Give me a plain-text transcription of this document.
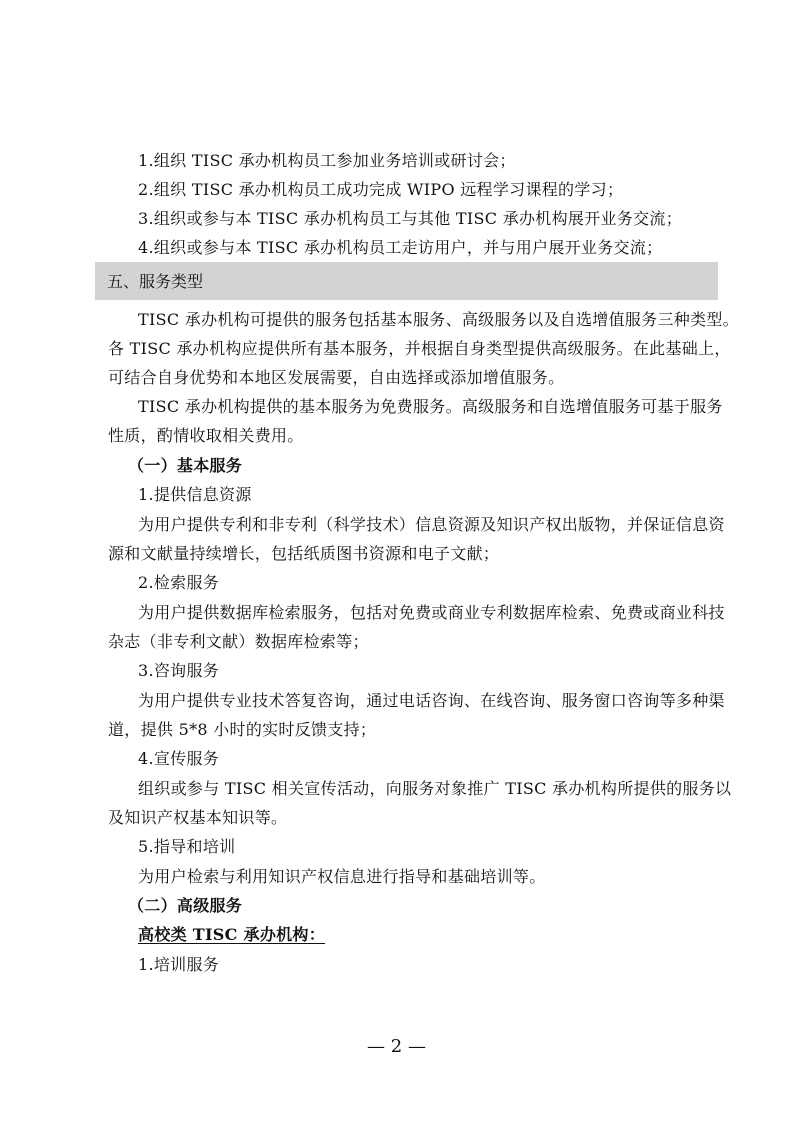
1.组织 TISC 承办机构员工参加业务培训或研讨会；
2.组织 TISC 承办机构员工成功完成 WIPO 远程学习课程的学习；
3.组织或参与本 TISC 承办机构员工与其他 TISC 承办机构展开业务交流；
4.组织或参与本 TISC 承办机构员工走访用户，并与用户展开业务交流；
五、服务类型
TISC 承办机构可提供的服务包括基本服务、高级服务以及自选增值服务三种类型。
各 TISC 承办机构应提供所有基本服务，并根据自身类型提供高级服务。在此基础上，
可结合自身优势和本地区发展需要，自由选择或添加增值服务。
TISC 承办机构提供的基本服务为免费服务。高级服务和自选增值服务可基于服务
性质，酌情收取相关费用。
（一）基本服务
1.提供信息资源
为用户提供专利和非专利（科学技术）信息资源及知识产权出版物，并保证信息资
源和文献量持续增长，包括纸质图书资源和电子文献；
2.检索服务
为用户提供数据库检索服务，包括对免费或商业专利数据库检索、免费或商业科技
杂志（非专利文献）数据库检索等；
3.咨询服务
为用户提供专业技术答复咨询，通过电话咨询、在线咨询、服务窗口咨询等多种渠
道，提供 5*8 小时的实时反馈支持；
4.宣传服务
组织或参与 TISC 相关宣传活动，向服务对象推广 TISC 承办机构所提供的服务以
及知识产权基本知识等。
5.指导和培训
为用户检索与利用知识产权信息进行指导和基础培训等。
（二）高级服务
高校类 TISC 承办机构：
1.培训服务
— 2 —
